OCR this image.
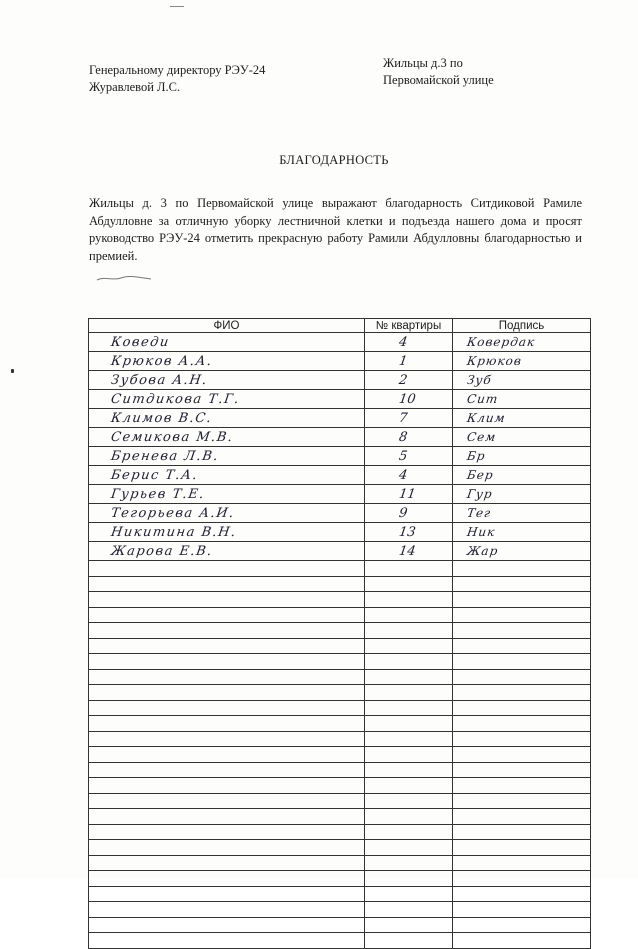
Генеральному директору РЭУ-24
Журавлевой Л.С.
Жильцы д.3 по
Первомайской улице
БЛАГОДАРНОСТЬ
Жильцы д. 3 по Первомайской улице выражают благодарность Ситдиковой Рамиле Абдулловне за отличную уборку лестничной клетки и подъезда нашего дома и просят руководство РЭУ-24 отметить прекрасную работу Рамили Абдулловны благодарностью и премией.
ФИО	№ квартиры	Подпись
Коведи	4	Ковердак
Крюков А.А.	1	Крюков
Зубова А.Н.	2	Зуб
Ситдикова Т.Г.	10	Сит
Климов В.С.	7	Клим
Семикова М.В.	8	Сем
Бренева Л.В.	5	Бр
Берис Т.А.	4	Бер
Гурьев Т.Е.	11	Гур
Тегорьева А.И.	9	Тег
Никитина В.Н.	13	Ник
Жарова Е.В.	14	Жар
